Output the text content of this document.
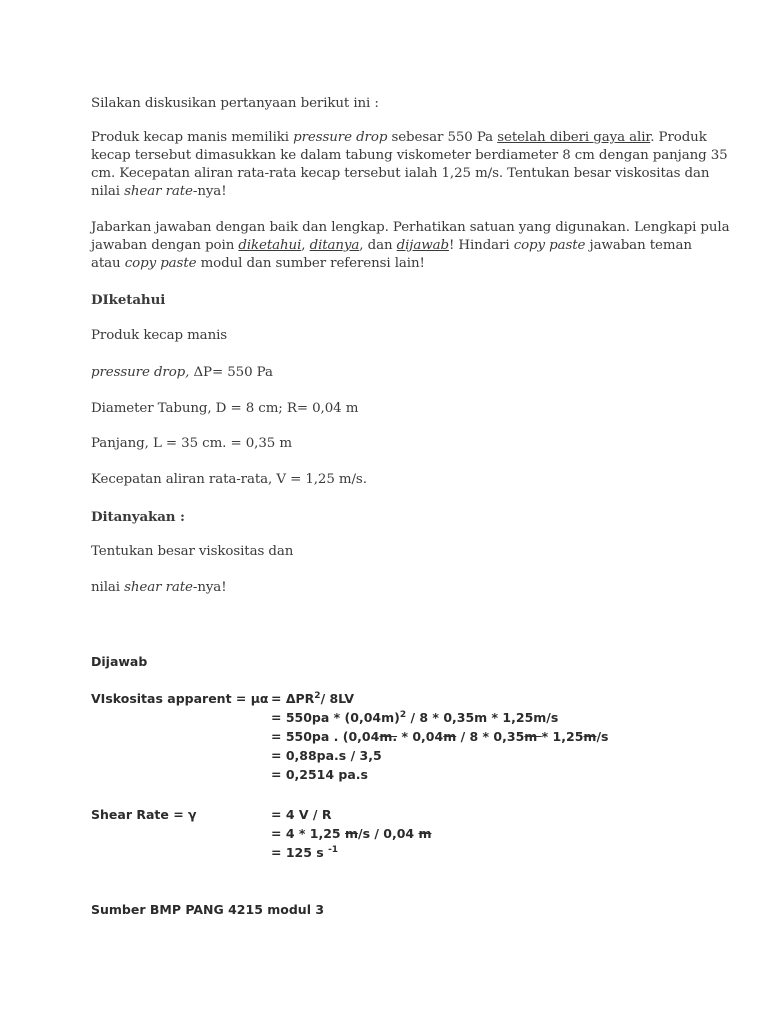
Silakan diskusikan pertanyaan berikut ini :
Produk kecap manis memiliki pressure drop sebesar 550 Pa setelah diberi gaya alir. Produk
kecap tersebut dimasukkan ke dalam tabung viskometer berdiameter 8 cm dengan panjang 35
cm. Kecepatan aliran rata-rata kecap tersebut ialah 1,25 m/s. Tentukan besar viskositas dan
nilai shear rate-nya!
Jabarkan jawaban dengan baik dan lengkap. Perhatikan satuan yang digunakan. Lengkapi pula
jawaban dengan poin diketahui, ditanya, dan dijawab! Hindari copy paste jawaban teman
atau copy paste modul dan sumber referensi lain!
DIketahui
Produk kecap manis
pressure drop, ΔP= 550 Pa
Diameter Tabung, D = 8 cm; R= 0,04 m
Panjang, L = 35 cm. = 0,35 m
Kecepatan aliran rata-rata, V = 1,25 m/s.
Ditanyakan :
Tentukan besar viskositas dan
nilai shear rate-nya!
Dijawab
VIskositas apparent = $\mu\alpha = \Delta PR^2/$ 8LV
= $550pa * (0,04m)^2 / 8 * 0,35m * 1,25m/s$
= 550pa . (0,04m. * 0,04m / 8 * 0,35m * 1,25m/s
= 0,88pa.s / 3,5
= 0,2514 pa.s
Shear Rate = γ	= 4 V / R
= 4 * 1,25 m/s / 0,04 m
= 125 s $^{-1}$
Sumber BMP PANG 4215 modul 3
